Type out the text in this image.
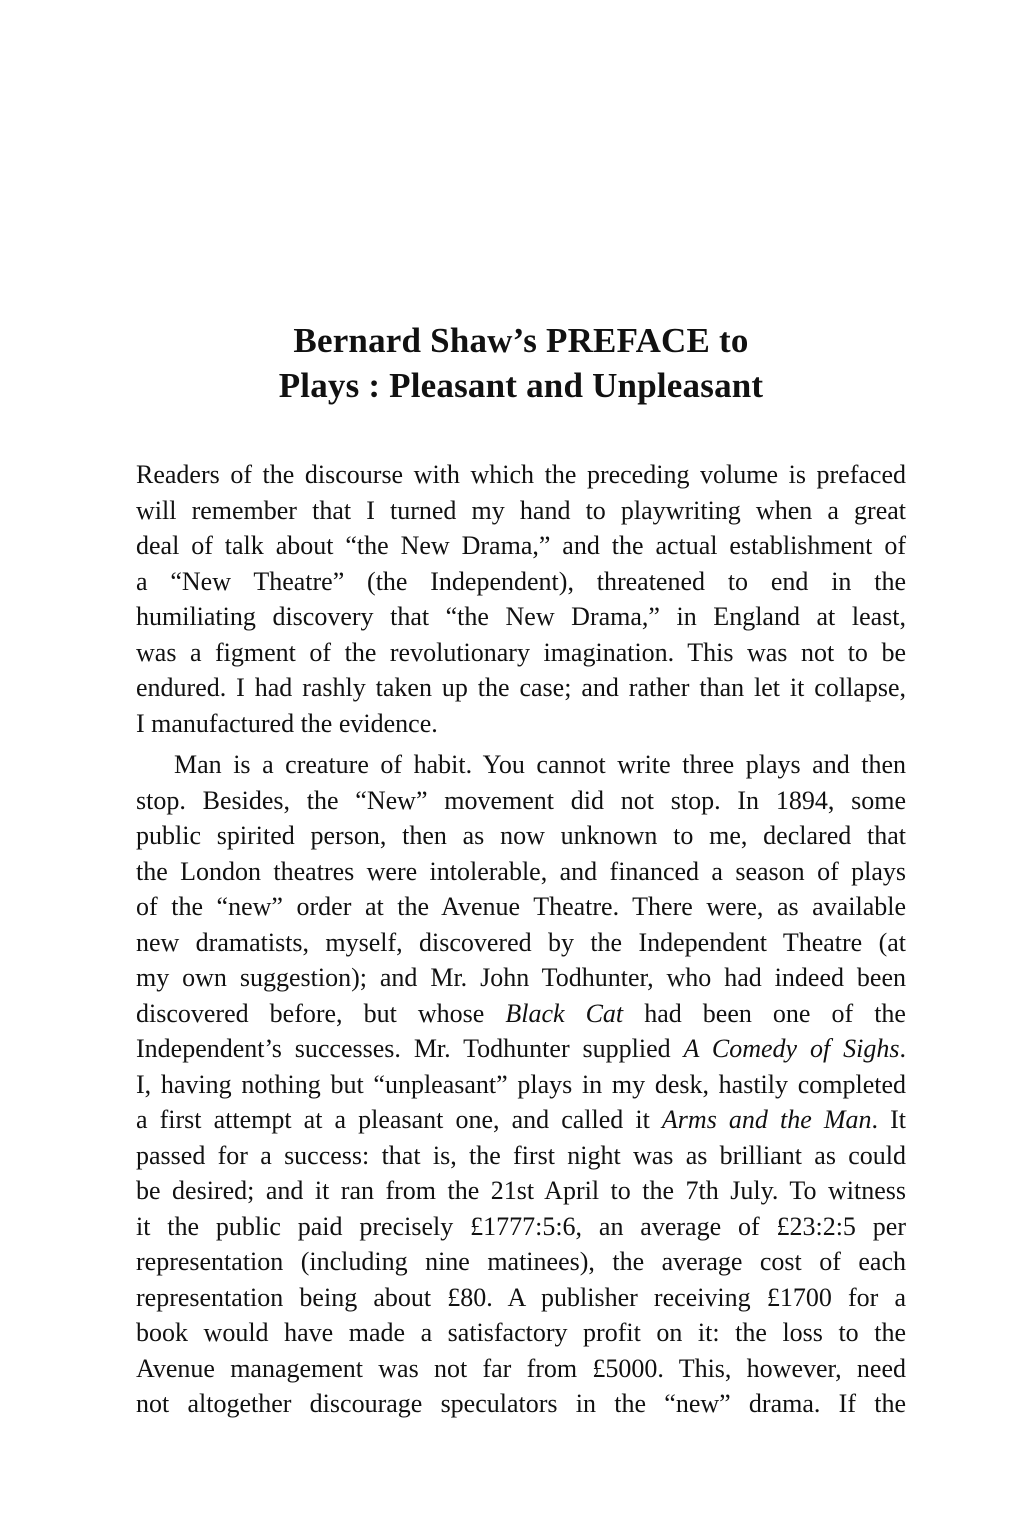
Bernard Shaw’s PREFACE to
Plays : Pleasant and Unpleasant
Readers of the discourse with which the preceding volume is prefaced
will remember that I turned my hand to playwriting when a great
deal of talk about “the New Drama,” and the actual establishment of
a “New Theatre” (the Independent), threatened to end in the
humiliating discovery that “the New Drama,” in England at least,
was a figment of the revolutionary imagination. This was not to be
endured. I had rashly taken up the case; and rather than let it collapse,
I manufactured the evidence.
Man is a creature of habit. You cannot write three plays and then
stop. Besides, the “New” movement did not stop. In 1894, some
public spirited person, then as now unknown to me, declared that
the London theatres were intolerable, and financed a season of plays
of the “new” order at the Avenue Theatre. There were, as available
new dramatists, myself, discovered by the Independent Theatre (at
my own suggestion); and Mr. John Todhunter, who had indeed been
discovered before, but whose Black Cat had been one of the
Independent’s successes. Mr. Todhunter supplied A Comedy of Sighs.
I, having nothing but “unpleasant” plays in my desk, hastily completed
a first attempt at a pleasant one, and called it Arms and the Man. It
passed for a success: that is, the first night was as brilliant as could
be desired; and it ran from the 21st April to the 7th July. To witness
it the public paid precisely £1777:5:6, an average of £23:2:5 per
representation (including nine matinees), the average cost of each
representation being about £80. A publisher receiving £1700 for a
book would have made a satisfactory profit on it: the loss to the
Avenue management was not far from £5000. This, however, need
not altogether discourage speculators in the “new” drama. If the
